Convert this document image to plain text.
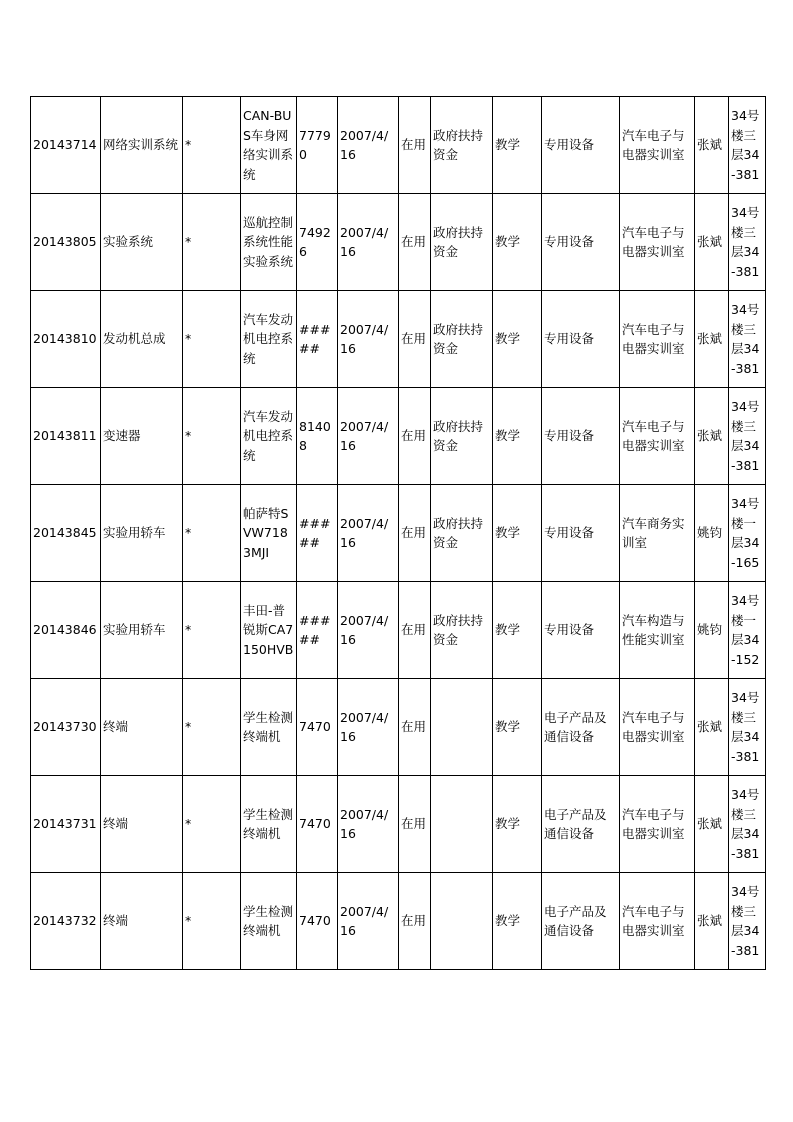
20143714	网络实训系统	*	CAN-BUS车身网络实训系统	77790	2007/4/16	在用	政府扶持资金	教学	专用设备	汽车电子与电器实训室	张斌	34号楼三层34-381
20143805	实验系统	*	巡航控制系统性能实验系统	74926	2007/4/16	在用	政府扶持资金	教学	专用设备	汽车电子与电器实训室	张斌	34号楼三层34-381
20143810	发动机总成	*	汽车发动机电控系统	#####	2007/4/16	在用	政府扶持资金	教学	专用设备	汽车电子与电器实训室	张斌	34号楼三层34-381
20143811	变速器	*	汽车发动机电控系统	81408	2007/4/16	在用	政府扶持资金	教学	专用设备	汽车电子与电器实训室	张斌	34号楼三层34-381
20143845	实验用轿车	*	帕萨特SVW7183MJI	#####	2007/4/16	在用	政府扶持资金	教学	专用设备	汽车商务实训室	姚钧	34号楼一层34-165
20143846	实验用轿车	*	丰田-普锐斯CA7150HVB	#####	2007/4/16	在用	政府扶持资金	教学	专用设备	汽车构造与性能实训室	姚钧	34号楼一层34-152
20143730	终端	*	学生检测终端机	7470	2007/4/16	在用		教学	电子产品及通信设备	汽车电子与电器实训室	张斌	34号楼三层34-381
20143731	终端	*	学生检测终端机	7470	2007/4/16	在用		教学	电子产品及通信设备	汽车电子与电器实训室	张斌	34号楼三层34-381
20143732	终端	*	学生检测终端机	7470	2007/4/16	在用		教学	电子产品及通信设备	汽车电子与电器实训室	张斌	34号楼三层34-381
